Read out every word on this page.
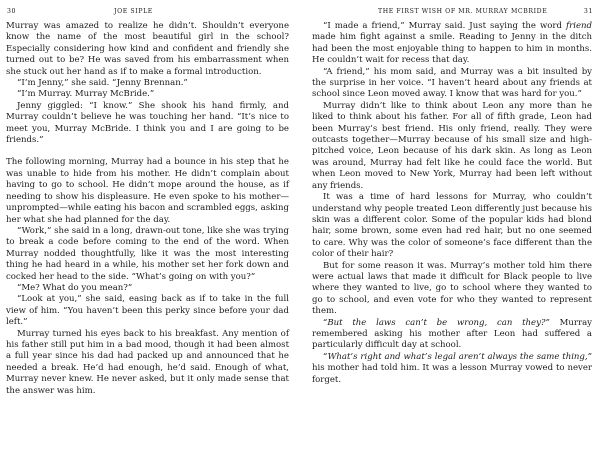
30	JOE SIPLE

Murray was amazed to realize he didn’t. Shouldn’t everyone know the name of the most beautiful girl in the school? Especially considering how kind and confident and friendly she turned out to be? He was saved from his embarrassment when she stuck out her hand as if to make a formal introduction.

“I’m Jenny,” she said. “Jenny Brennan.”

“I’m Murray. Murray McBride.”

Jenny giggled: “I know.” She shook his hand firmly, and Murray couldn’t believe he was touching her hand. “It’s nice to meet you, Murray McBride. I think you and I are going to be friends.”

The following morning, Murray had a bounce in his step that he was unable to hide from his mother. He didn’t complain about having to go to school. He didn’t mope around the house, as if needing to show his displeasure. He even spoke to his mother—unprompted—while eating his bacon and scrambled eggs, asking her what she had planned for the day.

“Work,” she said in a long, drawn-out tone, like she was trying to break a code before coming to the end of the word. When Murray nodded thoughtfully, like it was the most interesting thing he had heard in a while, his mother set her fork down and cocked her head to the side. “What’s going on with you?”

“Me? What do you mean?”

“Look at you,” she said, easing back as if to take in the full view of him. “You haven’t been this perky since before your dad left.”

Murray turned his eyes back to his breakfast. Any mention of his father still put him in a bad mood, though it had been almost a full year since his dad had packed up and announced that he needed a break. He’d had enough, he’d said. Enough of what, Murray never knew. He never asked, but it only made sense that the answer was him.

THE FIRST WISH OF MR. MURRAY MCBRIDE	31

“I made a friend,” Murray said. Just saying the word friend made him fight against a smile. Reading to Jenny in the ditch had been the most enjoyable thing to happen to him in months. He couldn’t wait for recess that day.

“A friend,” his mom said, and Murray was a bit insulted by the surprise in her voice. “I haven’t heard about any friends at school since Leon moved away. I know that was hard for you.”

Murray didn’t like to think about Leon any more than he liked to think about his father. For all of fifth grade, Leon had been Murray’s best friend. His only friend, really. They were outcasts together—Murray because of his small size and high-pitched voice, Leon because of his dark skin. As long as Leon was around, Murray had felt like he could face the world. But when Leon moved to New York, Murray had been left without any friends.

It was a time of hard lessons for Murray, who couldn’t understand why people treated Leon differently just because his skin was a different color. Some of the popular kids had blond hair, some brown, some even had red hair, but no one seemed to care. Why was the color of someone’s face different than the color of their hair?

But for some reason it was. Murray’s mother told him there were actual laws that made it difficult for Black people to live where they wanted to live, go to school where they wanted to go to school, and even vote for who they wanted to represent them.

“But the laws can’t be wrong, can they?” Murray remembered asking his mother after Leon had suffered a particularly difficult day at school.

“What’s right and what’s legal aren’t always the same thing,” his mother had told him. It was a lesson Murray vowed to never forget.
